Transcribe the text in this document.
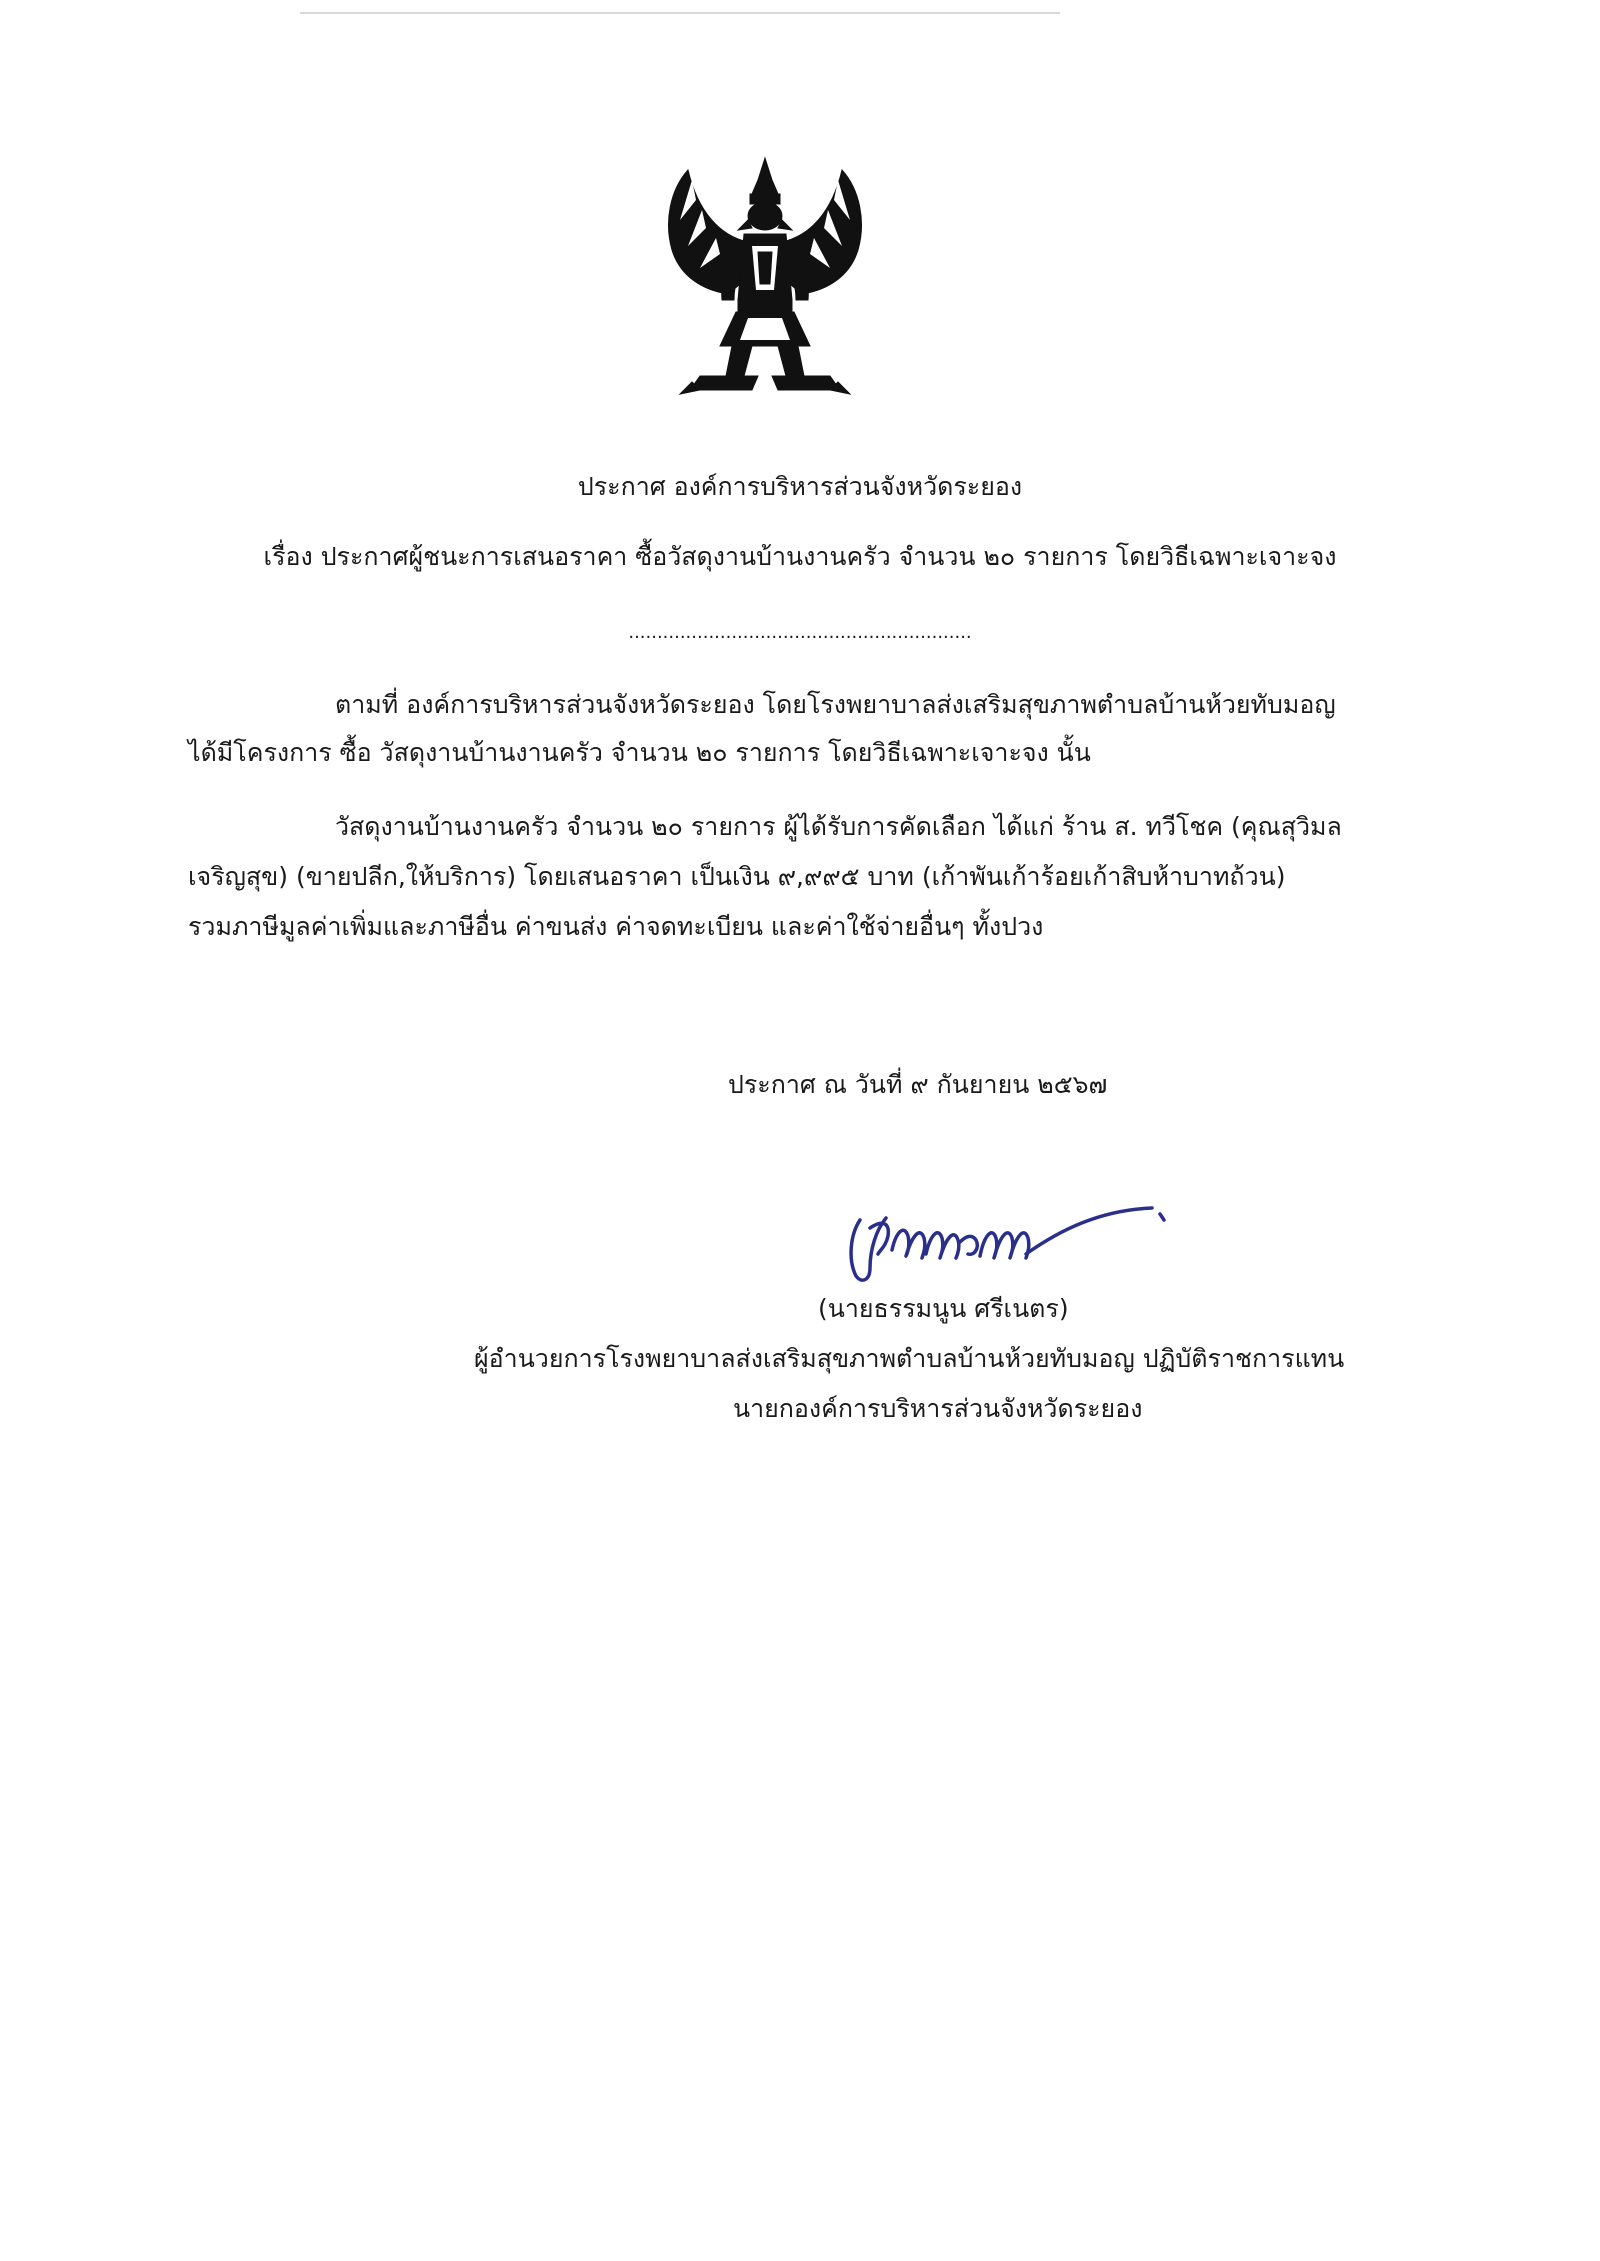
ประกาศ องค์การบริหารส่วนจังหวัดระยอง
เรื่อง ประกาศผู้ชนะการเสนอราคา ซื้อวัสดุงานบ้านงานครัว จำนวน ๒๐ รายการ โดยวิธีเฉพาะเจาะจง
............................................................
ตามที่ องค์การบริหารส่วนจังหวัดระยอง โดยโรงพยาบาลส่งเสริมสุขภาพตำบลบ้านห้วยทับมอญ
ได้มีโครงการ ซื้อ วัสดุงานบ้านงานครัว จำนวน ๒๐ รายการ โดยวิธีเฉพาะเจาะจง นั้น
วัสดุงานบ้านงานครัว จำนวน ๒๐ รายการ ผู้ได้รับการคัดเลือก ได้แก่ ร้าน ส. ทวีโชค (คุณสุวิมล
เจริญสุข) (ขายปลีก,ให้บริการ) โดยเสนอราคา เป็นเงิน ๙,๙๙๕ บาท (เก้าพันเก้าร้อยเก้าสิบห้าบาทถ้วน)
รวมภาษีมูลค่าเพิ่มและภาษีอื่น ค่าขนส่ง ค่าจดทะเบียน และค่าใช้จ่ายอื่นๆ ทั้งปวง
ประกาศ ณ วันที่ ๙ กันยายน ๒๕๖๗
(นายธรรมนูน ศรีเนตร)
ผู้อำนวยการโรงพยาบาลส่งเสริมสุขภาพตำบลบ้านห้วยทับมอญ ปฏิบัติราชการแทน
นายกองค์การบริหารส่วนจังหวัดระยอง
